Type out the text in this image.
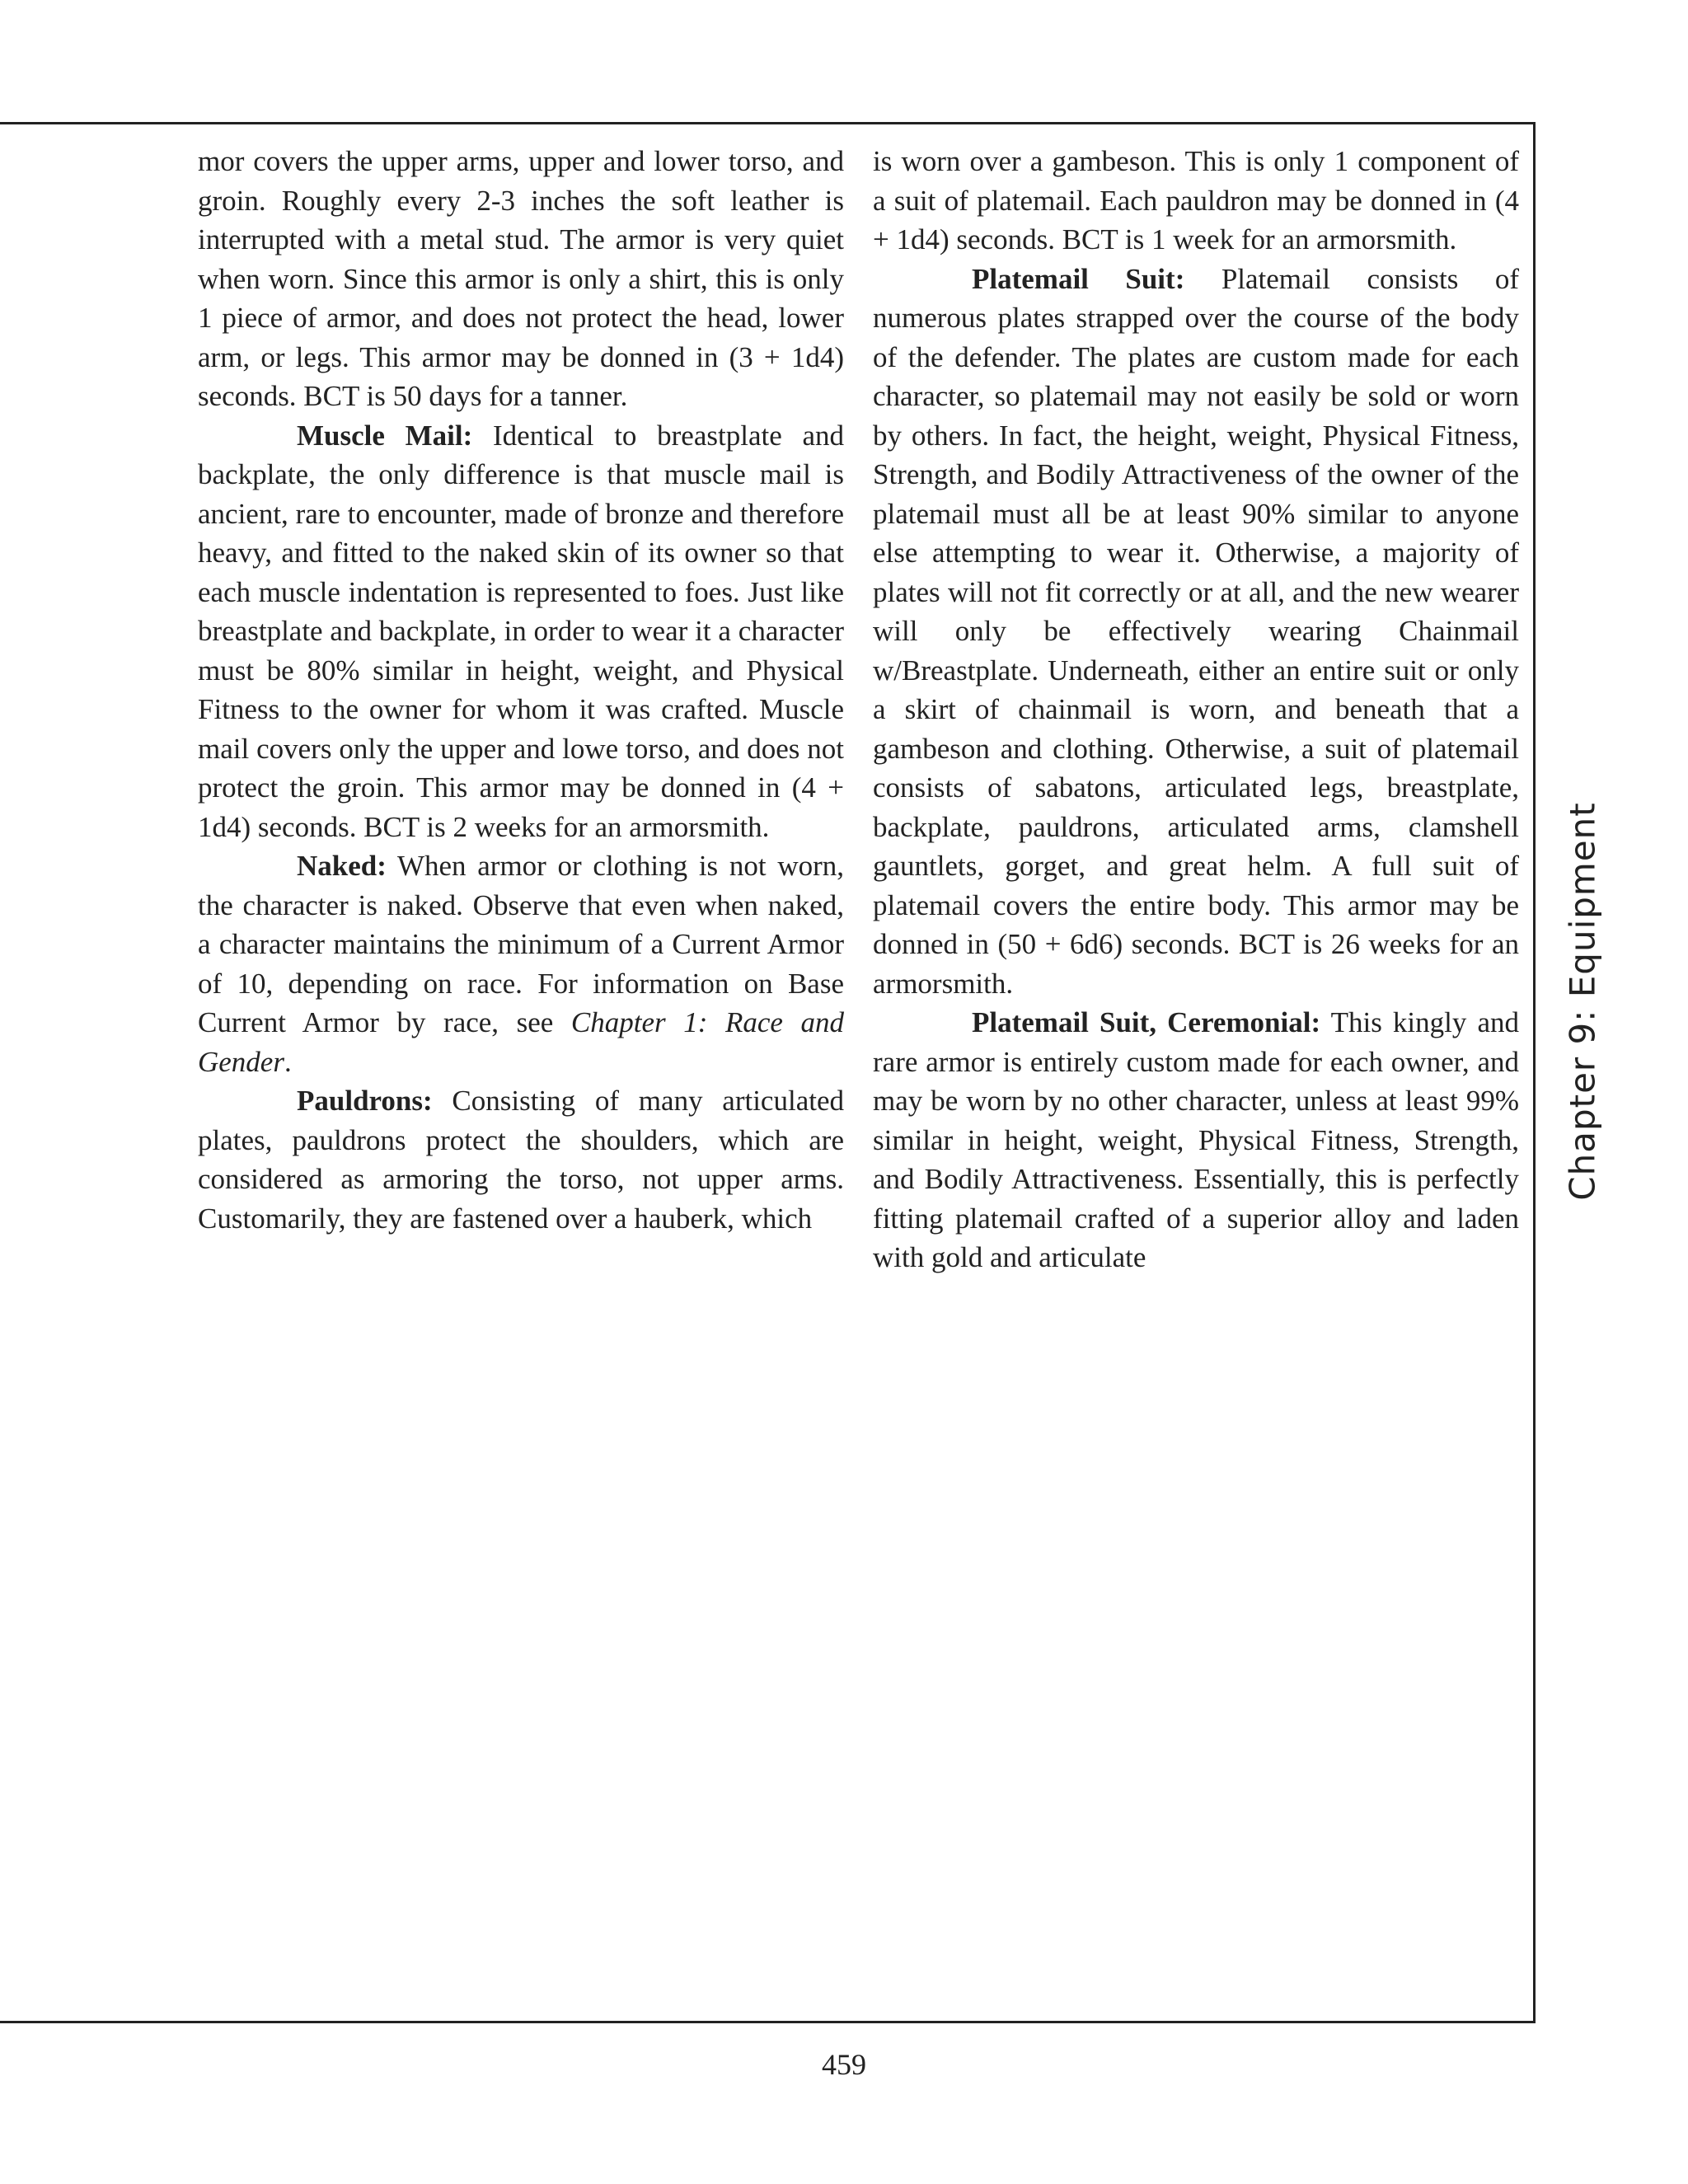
mor covers the upper arms, upper and lower torso, and groin. Roughly every 2-3 inches the soft leather is interrupted with a metal stud. The armor is very quiet when worn. Since this armor is only a shirt, this is only 1 piece of armor, and does not protect the head, lower arm, or legs. This armor may be donned in (3 + 1d4) seconds. BCT is 50 days for a tanner.

Muscle Mail: Identical to breastplate and backplate, the only difference is that muscle mail is ancient, rare to encounter, made of bronze and therefore heavy, and fitted to the naked skin of its owner so that each muscle indentation is represented to foes. Just like breastplate and backplate, in order to wear it a character must be 80% similar in height, weight, and Physical Fitness to the owner for whom it was crafted. Muscle mail covers only the upper and lowe torso, and does not protect the groin. This armor may be donned in (4 + 1d4) seconds. BCT is 2 weeks for an armorsmith.

Naked: When armor or clothing is not worn, the character is naked. Observe that even when naked, a character maintains the minimum of a Current Armor of 10, depending on race. For information on Base Current Armor by race, see Chapter 1: Race and Gender.

Pauldrons: Consisting of many articulated plates, pauldrons protect the shoulders, which are considered as armoring the torso, not upper arms. Customarily, they are fastened over a hauberk, which

is worn over a gambeson. This is only 1 component of a suit of platemail. Each pauldron may be donned in (4 + 1d4) seconds. BCT is 1 week for an armorsmith.

Platemail Suit: Platemail consists of numerous plates strapped over the course of the body of the defender. The plates are custom made for each character, so platemail may not easily be sold or worn by others. In fact, the height, weight, Physical Fitness, Strength, and Bodily Attractiveness of the owner of the platemail must all be at least 90% similar to anyone else attempting to wear it. Otherwise, a majority of plates will not fit correctly or at all, and the new wearer will only be effectively wearing Chainmail w/Breastplate. Underneath, either an entire suit or only a skirt of chainmail is worn, and beneath that a gambeson and clothing. Otherwise, a suit of platemail consists of sabatons, articulated legs, breastplate, backplate, pauldrons, articulated arms, clamshell gauntlets, gorget, and great helm. A full suit of platemail covers the entire body. This armor may be donned in (50 + 6d6) seconds. BCT is 26 weeks for an armorsmith.

Platemail Suit, Ceremonial: This kingly and rare armor is entirely custom made for each owner, and may be worn by no other character, unless at least 99% similar in height, weight, Physical Fitness, Strength, and Bodily Attractiveness. Essentially, this is perfectly fitting platemail crafted of a superior alloy and laden with gold and articulate

Chapter 9: Equipment
459
